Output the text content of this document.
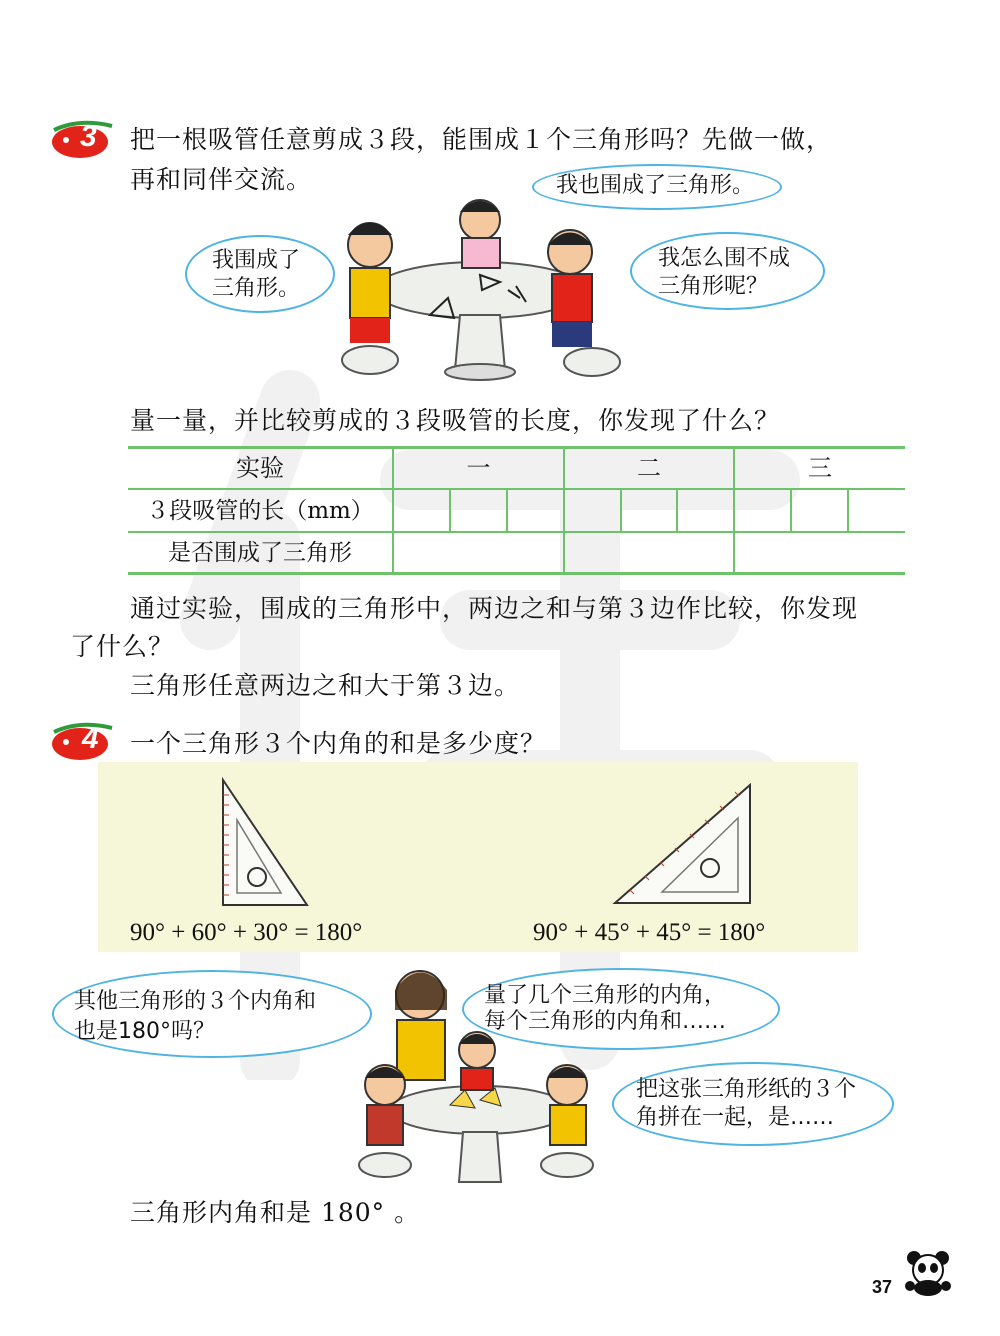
3	把一根吸管任意剪成３段，能围成１个三角形吗？先做一做，
再和同伴交流。	我也围成了三角形。
我围成了
三角形。
我怎么围不成
三角形呢？
量一量，并比较剪成的３段吸管的长度，你发现了什么？
实验	一	二	三
３段吸管的长（mm）
是否围成了三角形
通过实验，围成的三角形中，两边之和与第３边作比较，你发现
了什么？
三角形任意两边之和大于第３边。
4	一个三角形３个内角的和是多少度？
90° + 60° + 30° = 180°	90° + 45° + 45° = 180°
其他三角形的３个内角和
也是180°吗？
量了几个三角形的内角，
每个三角形的内角和……
把这张三角形纸的３个
角拼在一起，是……
三角形内角和是 180° 。
37
